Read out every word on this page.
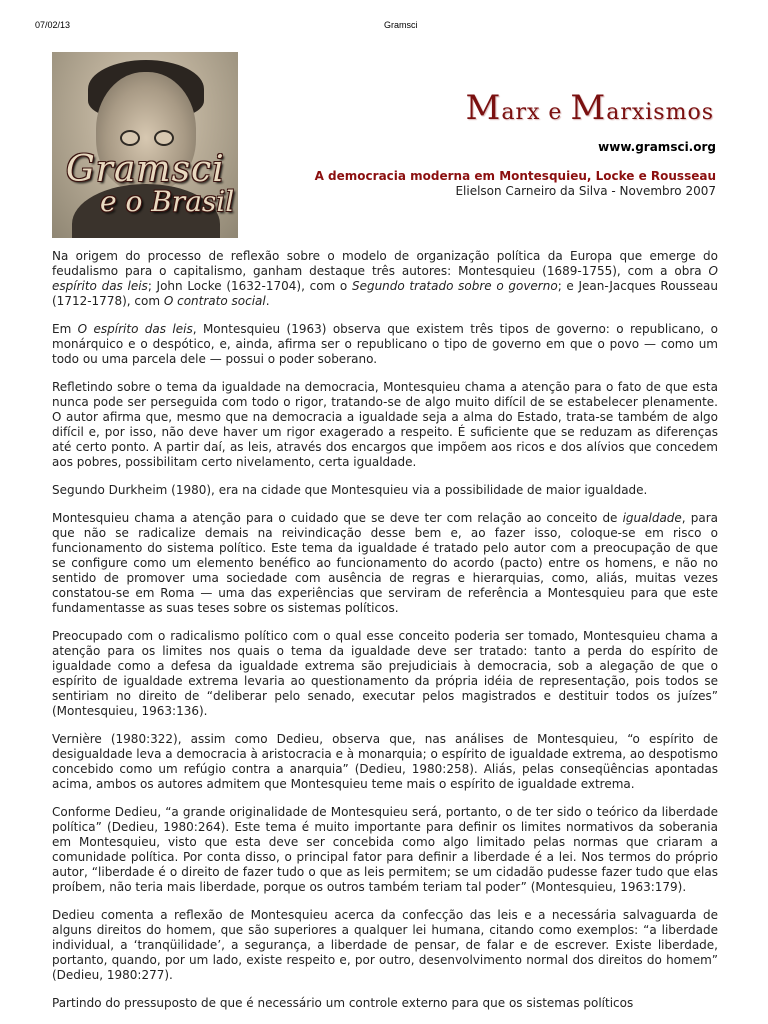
07/02/13	Gramsci
Gramsci
e o Brasil
Marx e Marxismos
www.gramsci.org
A democracia moderna em Montesquieu, Locke e Rousseau
Elielson Carneiro da Silva - Novembro 2007

Na origem do processo de reflexão sobre o modelo de organização política da Europa que emerge do feudalismo para o capitalismo, ganham destaque três autores: Montesquieu (1689-1755), com a obra O espírito das leis; John Locke (1632-1704), com o Segundo tratado sobre o governo; e Jean-Jacques Rousseau (1712-1778), com O contrato social.

Em O espírito das leis, Montesquieu (1963) observa que existem três tipos de governo: o republicano, o monárquico e o despótico, e, ainda, afirma ser o republicano o tipo de governo em que o povo — como um todo ou uma parcela dele — possui o poder soberano.

Refletindo sobre o tema da igualdade na democracia, Montesquieu chama a atenção para o fato de que esta nunca pode ser perseguida com todo o rigor, tratando-se de algo muito difícil de se estabelecer plenamente. O autor afirma que, mesmo que na democracia a igualdade seja a alma do Estado, trata-se também de algo difícil e, por isso, não deve haver um rigor exagerado a respeito. É suficiente que se reduzam as diferenças até certo ponto. A partir daí, as leis, através dos encargos que impõem aos ricos e dos alívios que concedem aos pobres, possibilitam certo nivelamento, certa igualdade.

Segundo Durkheim (1980), era na cidade que Montesquieu via a possibilidade de maior igualdade.

Montesquieu chama a atenção para o cuidado que se deve ter com relação ao conceito de igualdade, para que não se radicalize demais na reivindicação desse bem e, ao fazer isso, coloque-se em risco o funcionamento do sistema político. Este tema da igualdade é tratado pelo autor com a preocupação de que se configure como um elemento benéfico ao funcionamento do acordo (pacto) entre os homens, e não no sentido de promover uma sociedade com ausência de regras e hierarquias, como, aliás, muitas vezes constatou-se em Roma — uma das experiências que serviram de referência a Montesquieu para que este fundamentasse as suas teses sobre os sistemas políticos.

Preocupado com o radicalismo político com o qual esse conceito poderia ser tomado, Montesquieu chama a atenção para os limites nos quais o tema da igualdade deve ser tratado: tanto a perda do espírito de igualdade como a defesa da igualdade extrema são prejudiciais à democracia, sob a alegação de que o espírito de igualdade extrema levaria ao questionamento da própria idéia de representação, pois todos se sentiriam no direito de “deliberar pelo senado, executar pelos magistrados e destituir todos os juízes” (Montesquieu, 1963:136).

Vernière (1980:322), assim como Dedieu, observa que, nas análises de Montesquieu, “o espírito de desigualdade leva a democracia à aristocracia e à monarquia; o espírito de igualdade extrema, ao despotismo concebido como um refúgio contra a anarquia” (Dedieu, 1980:258). Aliás, pelas conseqüências apontadas acima, ambos os autores admitem que Montesquieu teme mais o espírito de igualdade extrema.

Conforme Dedieu, “a grande originalidade de Montesquieu será, portanto, o de ter sido o teórico da liberdade política” (Dedieu, 1980:264). Este tema é muito importante para definir os limites normativos da soberania em Montesquieu, visto que esta deve ser concebida como algo limitado pelas normas que criaram a comunidade política. Por conta disso, o principal fator para definir a liberdade é a lei. Nos termos do próprio autor, “liberdade é o direito de fazer tudo o que as leis permitem; se um cidadão pudesse fazer tudo que elas proíbem, não teria mais liberdade, porque os outros também teriam tal poder” (Montesquieu, 1963:179).

Dedieu comenta a reflexão de Montesquieu acerca da confecção das leis e a necessária salvaguarda de alguns direitos do homem, que são superiores a qualquer lei humana, citando como exemplos: “a liberdade individual, a ‘tranqüilidade’, a segurança, a liberdade de pensar, de falar e de escrever. Existe liberdade, portanto, quando, por um lado, existe respeito e, por outro, desenvolvimento normal dos direitos do homem” (Dedieu, 1980:277).

Partindo do pressuposto de que é necessário um controle externo para que os sistemas políticos
